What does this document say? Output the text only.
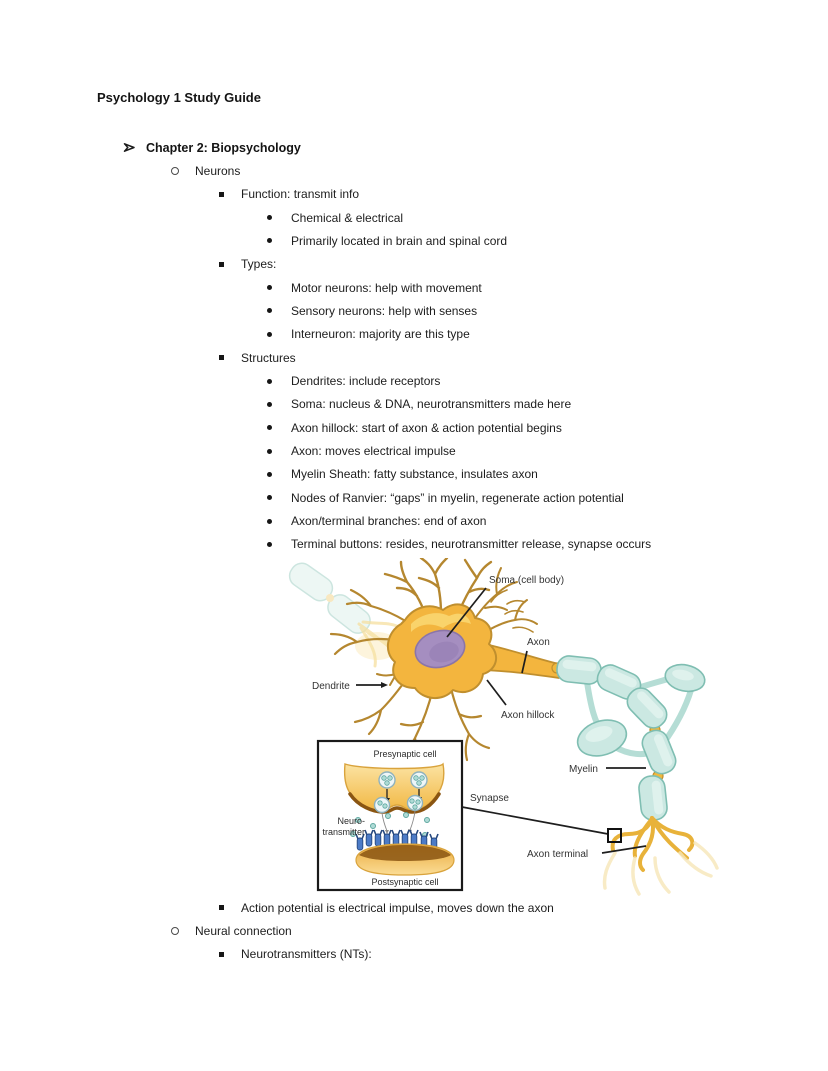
Psychology 1 Study Guide
Presynaptic cell
Neuro-
transmitter
Postsynaptic cell
Soma (cell body)
Axon
Dendrite
Axon hillock
Myelin
Synapse
Axon terminal
Chapter 2: Biopsychology
Neurons
Function: transmit info
Chemical & electrical
Primarily located in brain and spinal cord
Types:
Motor neurons: help with movement
Sensory neurons: help with senses
Interneuron: majority are this type
Structures
Dendrites: include receptors
Soma: nucleus & DNA, neurotransmitters made here
Axon hillock: start of axon & action potential begins
Axon: moves electrical impulse
Myelin Sheath: fatty substance, insulates axon
Nodes of Ranvier: “gaps” in myelin, regenerate action potential
Axon/terminal branches: end of axon
Terminal buttons: resides, neurotransmitter release, synapse occurs
Action potential is electrical impulse, moves down the axon
Neural connection
Neurotransmitters (NTs):
